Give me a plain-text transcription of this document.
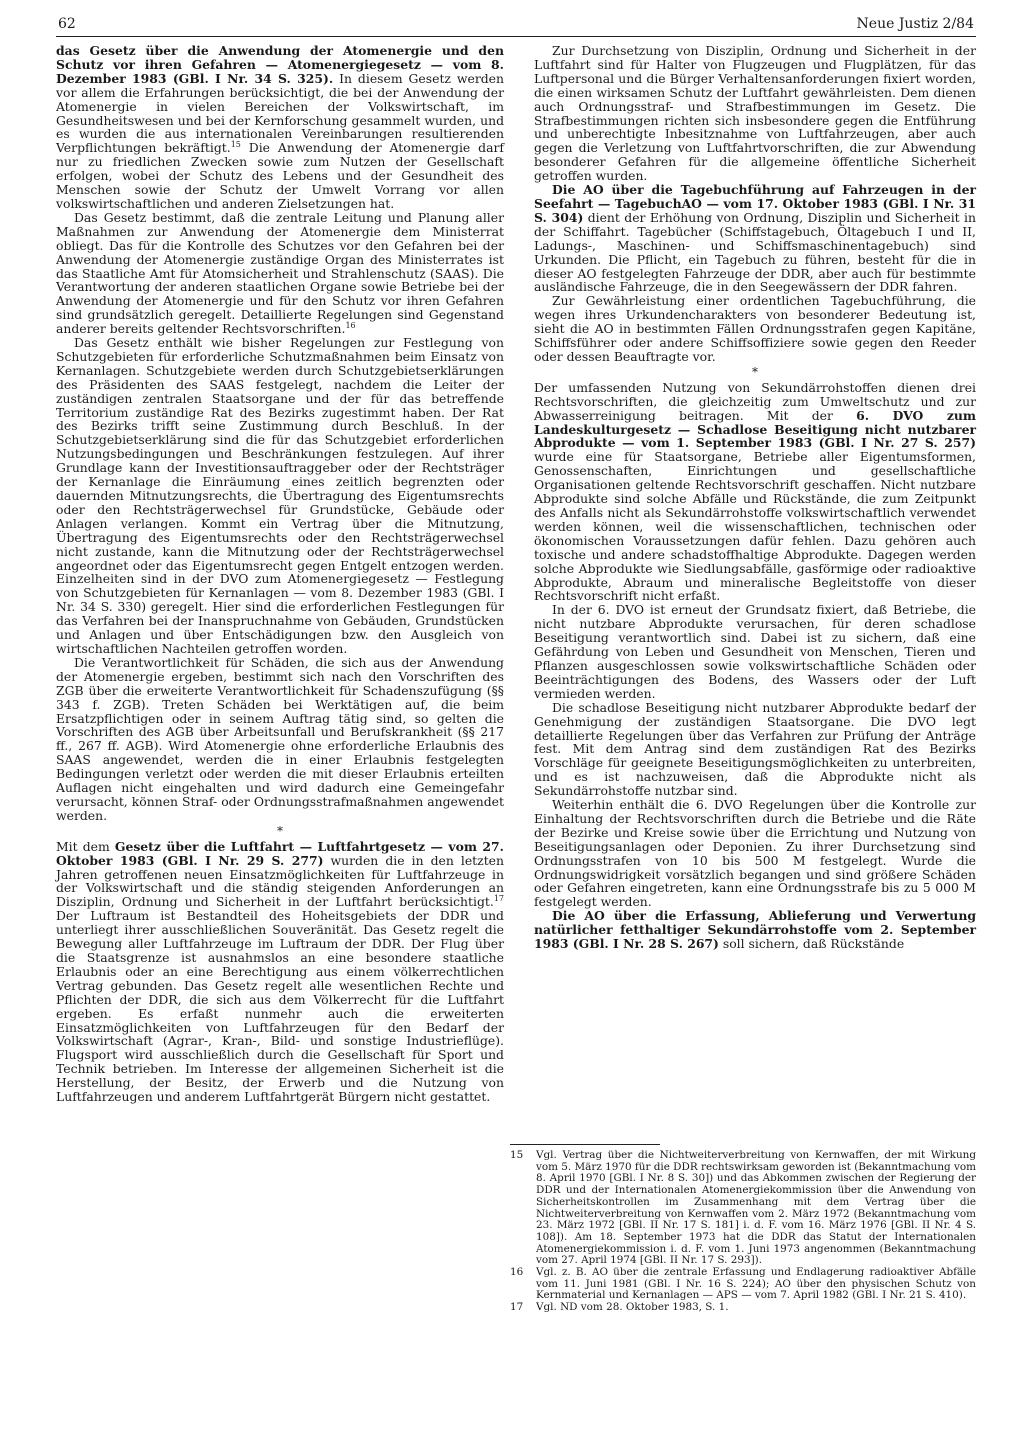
62	Neue Justiz 2/84

das Gesetz über die Anwendung der Atomenergie und den Schutz vor ihren Gefahren — Atomenergiegesetz — vom 8. Dezember 1983 (GBl. I Nr. 34 S. 325). In diesem Gesetz werden vor allem die Erfahrungen berücksichtigt, die bei der Anwendung der Atomenergie in vielen Bereichen der Volkswirtschaft, im Gesundheitswesen und bei der Kernforschung gesammelt wurden, und es wurden die aus internationalen Vereinbarungen resultierenden Verpflichtungen bekräftigt.$^{15}$ Die Anwendung der Atomenergie darf nur zu friedlichen Zwecken sowie zum Nutzen der Gesellschaft erfolgen, wobei der Schutz des Lebens und der Gesundheit des Menschen sowie der Schutz der Umwelt Vorrang vor allen volkswirtschaftlichen und anderen Zielsetzungen hat.

Das Gesetz bestimmt, daß die zentrale Leitung und Planung aller Maßnahmen zur Anwendung der Atomenergie dem Ministerrat obliegt. Das für die Kontrolle des Schutzes vor den Gefahren bei der Anwendung der Atomenergie zuständige Organ des Ministerrates ist das Staatliche Amt für Atomsicherheit und Strahlenschutz (SAAS). Die Verantwortung der anderen staatlichen Organe sowie Betriebe bei der Anwendung der Atomenergie und für den Schutz vor ihren Gefahren sind grundsätzlich geregelt. Detaillierte Regelungen sind Gegenstand anderer bereits geltender Rechtsvorschriften.$^{16}$

Das Gesetz enthält wie bisher Regelungen zur Festlegung von Schutzgebieten für erforderliche Schutzmaßnahmen beim Einsatz von Kernanlagen. Schutzgebiete werden durch Schutzgebietserklärungen des Präsidenten des SAAS festgelegt, nachdem die Leiter der zuständigen zentralen Staatsorgane und der für das betreffende Territorium zuständige Rat des Bezirks zugestimmt haben. Der Rat des Bezirks trifft seine Zustimmung durch Beschluß. In der Schutzgebietserklärung sind die für das Schutzgebiet erforderlichen Nutzungsbedingungen und Beschränkungen festzulegen. Auf ihrer Grundlage kann der Investitionsauftraggeber oder der Rechtsträger der Kernanlage die Einräumung eines zeitlich begrenzten oder dauernden Mitnutzungsrechts, die Übertragung des Eigentumsrechts oder den Rechtsträgerwechsel für Grundstücke, Gebäude oder Anlagen verlangen. Kommt ein Vertrag über die Mitnutzung, Übertragung des Eigentumsrechts oder den Rechtsträgerwechsel nicht zustande, kann die Mitnutzung oder der Rechtsträgerwechsel angeordnet oder das Eigentumsrecht gegen Entgelt entzogen werden. Einzelheiten sind in der DVO zum Atomenergiegesetz — Festlegung von Schutzgebieten für Kernanlagen — vom 8. Dezember 1983 (GBl. I Nr. 34 S. 330) geregelt. Hier sind die erforderlichen Festlegungen für das Verfahren bei der Inanspruchnahme von Gebäuden, Grundstücken und Anlagen und über Entschädigungen bzw. den Ausgleich von wirtschaftlichen Nachteilen getroffen worden.

Die Verantwortlichkeit für Schäden, die sich aus der Anwendung der Atomenergie ergeben, bestimmt sich nach den Vorschriften des ZGB über die erweiterte Verantwortlichkeit für Schadenszufügung (§§ 343 f. ZGB). Treten Schäden bei Werktätigen auf, die beim Ersatzpflichtigen oder in seinem Auftrag tätig sind, so gelten die Vorschriften des AGB über Arbeitsunfall und Berufskrankheit (§§ 217 ff., 267 ff. AGB). Wird Atomenergie ohne erforderliche Erlaubnis des SAAS angewendet, werden die in einer Erlaubnis festgelegten Bedingungen verletzt oder werden die mit dieser Erlaubnis erteilten Auflagen nicht eingehalten und wird dadurch eine Gemeingefahr verursacht, können Straf- oder Ordnungsstrafmaßnahmen angewendet werden.

*

Mit dem Gesetz über die Luftfahrt — Luftfahrtgesetz — vom 27. Oktober 1983 (GBl. I Nr. 29 S. 277) wurden die in den letzten Jahren getroffenen neuen Einsatzmöglichkeiten für Luftfahrzeuge in der Volkswirtschaft und die ständig steigenden Anforderungen an Disziplin, Ordnung und Sicherheit in der Luftfahrt berücksichtigt.$^{17}$ Der Luftraum ist Bestandteil des Hoheitsgebiets der DDR und unterliegt ihrer ausschließlichen Souveränität. Das Gesetz regelt die Bewegung aller Luftfahrzeuge im Luftraum der DDR. Der Flug über die Staatsgrenze ist ausnahmslos an eine besondere staatliche Erlaubnis oder an eine Berechtigung aus einem völkerrechtlichen Vertrag gebunden. Das Gesetz regelt alle wesentlichen Rechte und Pflichten der DDR, die sich aus dem Völkerrecht für die Luftfahrt ergeben. Es erfaßt nunmehr auch die erweiterten Einsatzmöglichkeiten von Luftfahrzeugen für den Bedarf der Volkswirtschaft (Agrar-, Kran-, Bild- und sonstige Industrieflüge). Flugsport wird ausschließlich durch die Gesellschaft für Sport und Technik betrieben. Im Interesse der allgemeinen Sicherheit ist die Herstellung, der Besitz, der Erwerb und die Nutzung von Luftfahrzeugen und anderem Luftfahrtgerät Bürgern nicht gestattet.

Zur Durchsetzung von Disziplin, Ordnung und Sicherheit in der Luftfahrt sind für Halter von Flugzeugen und Flugplätzen, für das Luftpersonal und die Bürger Verhaltensanforderungen fixiert worden, die einen wirksamen Schutz der Luftfahrt gewährleisten. Dem dienen auch Ordnungsstraf- und Strafbestimmungen im Gesetz. Die Strafbestimmungen richten sich insbesondere gegen die Entführung und unberechtigte Inbesitznahme von Luftfahrzeugen, aber auch gegen die Verletzung von Luftfahrtvorschriften, die zur Abwendung besonderer Gefahren für die allgemeine öffentliche Sicherheit getroffen wurden.

Die AO über die Tagebuchführung auf Fahrzeugen in der Seefahrt — TagebuchAO — vom 17. Oktober 1983 (GBl. I Nr. 31 S. 304) dient der Erhöhung von Ordnung, Disziplin und Sicherheit in der Schiffahrt. Tagebücher (Schiffstagebuch, Öltagebuch I und II, Ladungs-, Maschinen- und Schiffsmaschinentagebuch) sind Urkunden. Die Pflicht, ein Tagebuch zu führen, besteht für die in dieser AO festgelegten Fahrzeuge der DDR, aber auch für bestimmte ausländische Fahrzeuge, die in den Seegewässern der DDR fahren.

Zur Gewährleistung einer ordentlichen Tagebuchführung, die wegen ihres Urkundencharakters von besonderer Bedeutung ist, sieht die AO in bestimmten Fällen Ordnungsstrafen gegen Kapitäne, Schiffsführer oder andere Schiffsoffiziere sowie gegen den Reeder oder dessen Beauftragte vor.

*

Der umfassenden Nutzung von Sekundärrohstoffen dienen drei Rechtsvorschriften, die gleichzeitig zum Umweltschutz und zur Abwasserreinigung beitragen. Mit der 6. DVO zum Landeskulturgesetz — Schadlose Beseitigung nicht nutzbarer Abprodukte — vom 1. September 1983 (GBl. I Nr. 27 S. 257) wurde eine für Staatsorgane, Betriebe aller Eigentumsformen, Genossenschaften, Einrichtungen und gesellschaftliche Organisationen geltende Rechtsvorschrift geschaffen. Nicht nutzbare Abprodukte sind solche Abfälle und Rückstände, die zum Zeitpunkt des Anfalls nicht als Sekundärrohstoffe volkswirtschaftlich verwendet werden können, weil die wissenschaftlichen, technischen oder ökonomischen Voraussetzungen dafür fehlen. Dazu gehören auch toxische und andere schadstoffhaltige Abprodukte. Dagegen werden solche Abprodukte wie Siedlungsabfälle, gasförmige oder radioaktive Abprodukte, Abraum und mineralische Begleitstoffe von dieser Rechtsvorschrift nicht erfaßt.

In der 6. DVO ist erneut der Grundsatz fixiert, daß Betriebe, die nicht nutzbare Abprodukte verursachen, für deren schadlose Beseitigung verantwortlich sind. Dabei ist zu sichern, daß eine Gefährdung von Leben und Gesundheit von Menschen, Tieren und Pflanzen ausgeschlossen sowie volkswirtschaftliche Schäden oder Beeinträchtigungen des Bodens, des Wassers oder der Luft vermieden werden.

Die schadlose Beseitigung nicht nutzbarer Abprodukte bedarf der Genehmigung der zuständigen Staatsorgane. Die DVO legt detaillierte Regelungen über das Verfahren zur Prüfung der Anträge fest. Mit dem Antrag sind dem zuständigen Rat des Bezirks Vorschläge für geeignete Beseitigungsmöglichkeiten zu unterbreiten, und es ist nachzuweisen, daß die Abprodukte nicht als Sekundärrohstoffe nutzbar sind.

Weiterhin enthält die 6. DVO Regelungen über die Kontrolle zur Einhaltung der Rechtsvorschriften durch die Betriebe und die Räte der Bezirke und Kreise sowie über die Errichtung und Nutzung von Beseitigungsanlagen oder Deponien. Zu ihrer Durchsetzung sind Ordnungsstrafen von 10 bis 500 M festgelegt. Wurde die Ordnungswidrigkeit vorsätzlich begangen und sind größere Schäden oder Gefahren eingetreten, kann eine Ordnungsstrafe bis zu 5 000 M festgelegt werden.

Die AO über die Erfassung, Ablieferung und Verwertung natürlicher fetthaltiger Sekundärrohstoffe vom 2. September 1983 (GBl. I Nr. 28 S. 267) soll sichern, daß Rückstände

15	Vgl. Vertrag über die Nichtweiterverbreitung von Kernwaffen, der mit Wirkung vom 5. März 1970 für die DDR rechtswirksam geworden ist (Bekanntmachung vom 8. April 1970 [GBl. I Nr. 8 S. 30]) und das Abkommen zwischen der Regierung der DDR und der Internationalen Atomenergiekommission über die Anwendung von Sicherheitskontrollen im Zusammenhang mit dem Vertrag über die Nichtweiterverbreitung von Kernwaffen vom 2. März 1972 (Bekanntmachung vom 23. März 1972 [GBl. II Nr. 17 S. 181] i. d. F. vom 16. März 1976 [GBl. II Nr. 4 S. 108]). Am 18. September 1973 hat die DDR das Statut der Internationalen Atomenergiekommission i. d. F. vom 1. Juni 1973 angenommen (Bekanntmachung vom 27. April 1974 [GBl. II Nr. 17 S. 293]).
16	Vgl. z. B. AO über die zentrale Erfassung und Endlagerung radioaktiver Abfälle vom 11. Juni 1981 (GBl. I Nr. 16 S. 224); AO über den physischen Schutz von Kernmaterial und Kernanlagen — APS — vom 7. April 1982 (GBl. I Nr. 21 S. 410).
17	Vgl. ND vom 28. Oktober 1983, S. 1.
